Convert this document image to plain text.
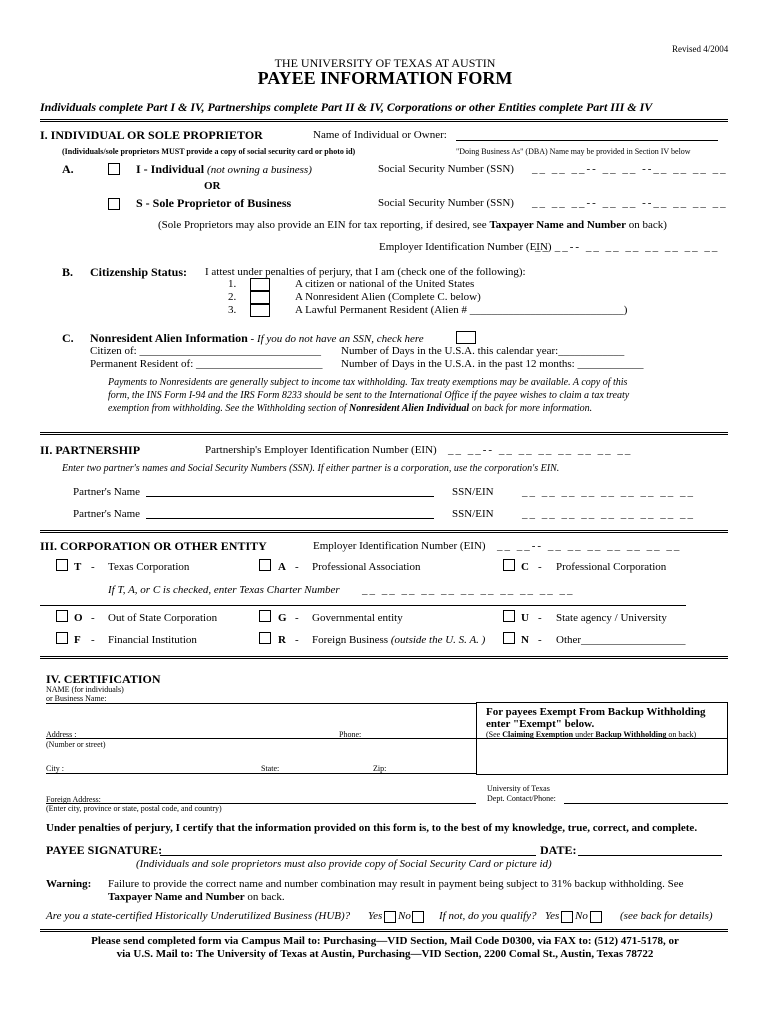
Revised 4/2004
THE UNIVERSITY OF TEXAS AT AUSTIN
PAYEE INFORMATION FORM
Individuals complete Part I & IV, Partnerships complete Part II & IV, Corporations or other Entities complete Part III & IV
I. INDIVIDUAL OR SOLE PROPRIETOR	Name of Individual or Owner:
(Individuals/sole proprietors MUST provide a copy of social security card or photo id)	"Doing Business As" (DBA) Name may be provided in Section IV below
A.	I - Individual (not owning a business)	Social Security Number (SSN) __ __ __-- __ __ --__ __ __ __
OR
S - Sole Proprietor of Business	Social Security Number (SSN) __ __ __-- __ __ --__ __ __ __
(Sole Proprietors may also provide an EIN for tax reporting, if desired, see Taxpayer Name and Number on back)
Employer Identification Number (EIN)
__ __-- __ __ __ __ __ __ __
B. Citizenship Status: I attest under penalties of perjury, that I am (check one of the following):
1.	A citizen or national of the United States
2.	A Nonresident Alien (Complete C. below)
3.	A Lawful Permanent Resident (Alien # ____________________________)
C. Nonresident Alien Information - If you do not have an SSN, check here
Citizen of: _________________________________
Permanent Resident of: _______________________
Number of Days in the U.S.A. this calendar year:____________
Number of Days in the U.S.A. in the past 12 months: ____________
Payments to Nonresidents are generally subject to income tax withholding. Tax treaty exemptions may be available. A copy of this
form, the INS Form I-94 and the IRS Form 8233 should be sent to the International Office if the payee wishes to claim a tax treaty
exemption from withholding. See the Withholding section of Nonresident Alien Individual on back for more information.
II. PARTNERSHIP	Partnership's Employer Identification Number (EIN) __ __-- __ __ __ __ __ __ __
Enter two partner's names and Social Security Numbers (SSN). If either partner is a corporation, use the corporation's EIN.
Partner's Name	SSN/EIN	__ __ __ __ __ __ __ __ __
Partner's Name	SSN/EIN	__ __ __ __ __ __ __ __ __
III. CORPORATION OR OTHER ENTITY	Employer Identification Number (EIN) __ __-- __ __ __ __ __ __ __
T - Texas Corporation	A - Professional Association	C - Professional Corporation
If T, A, or C is checked, enter Texas Charter Number __ __ __ __ __ __ __ __ __ __ __
O - Out of State Corporation	G - Governmental entity	U - State agency / University
F - Financial Institution	R - Foreign Business (outside the U. S. A. )	N - Other___________________
IV. CERTIFICATION
NAME (for individuals)
or Business Name:
For payees Exempt From Backup Withholding
enter "Exempt" below.
(See Claiming Exemption under Backup Withholding on back)
Address :	Phone:
(Number or street)
City :	State:	Zip:
University of Texas
Dept. Contact/Phone:
Foreign Address:
(Enter city, province or state, postal code, and country)
Under penalties of perjury, I certify that the information provided on this form is, to the best of my knowledge, true, correct, and complete.
PAYEE SIGNATURE:	DATE:
(Individuals and sole proprietors must also provide copy of Social Security Card or picture id)
Warning: Failure to provide the correct name and number combination may result in payment being subject to 31% backup withholding. See
Taxpayer Name and Number on back.
Are you a state-certified Historically Underutilized Business (HUB)? Yes No	If not, do you qualify? Yes No	(see back for details)
Please send completed form via Campus Mail to: Purchasing—VID Section, Mail Code D0300, via FAX to: (512) 471-5178, or
via U.S. Mail to: The University of Texas at Austin, Purchasing—VID Section, 2200 Comal St., Austin, Texas 78722
